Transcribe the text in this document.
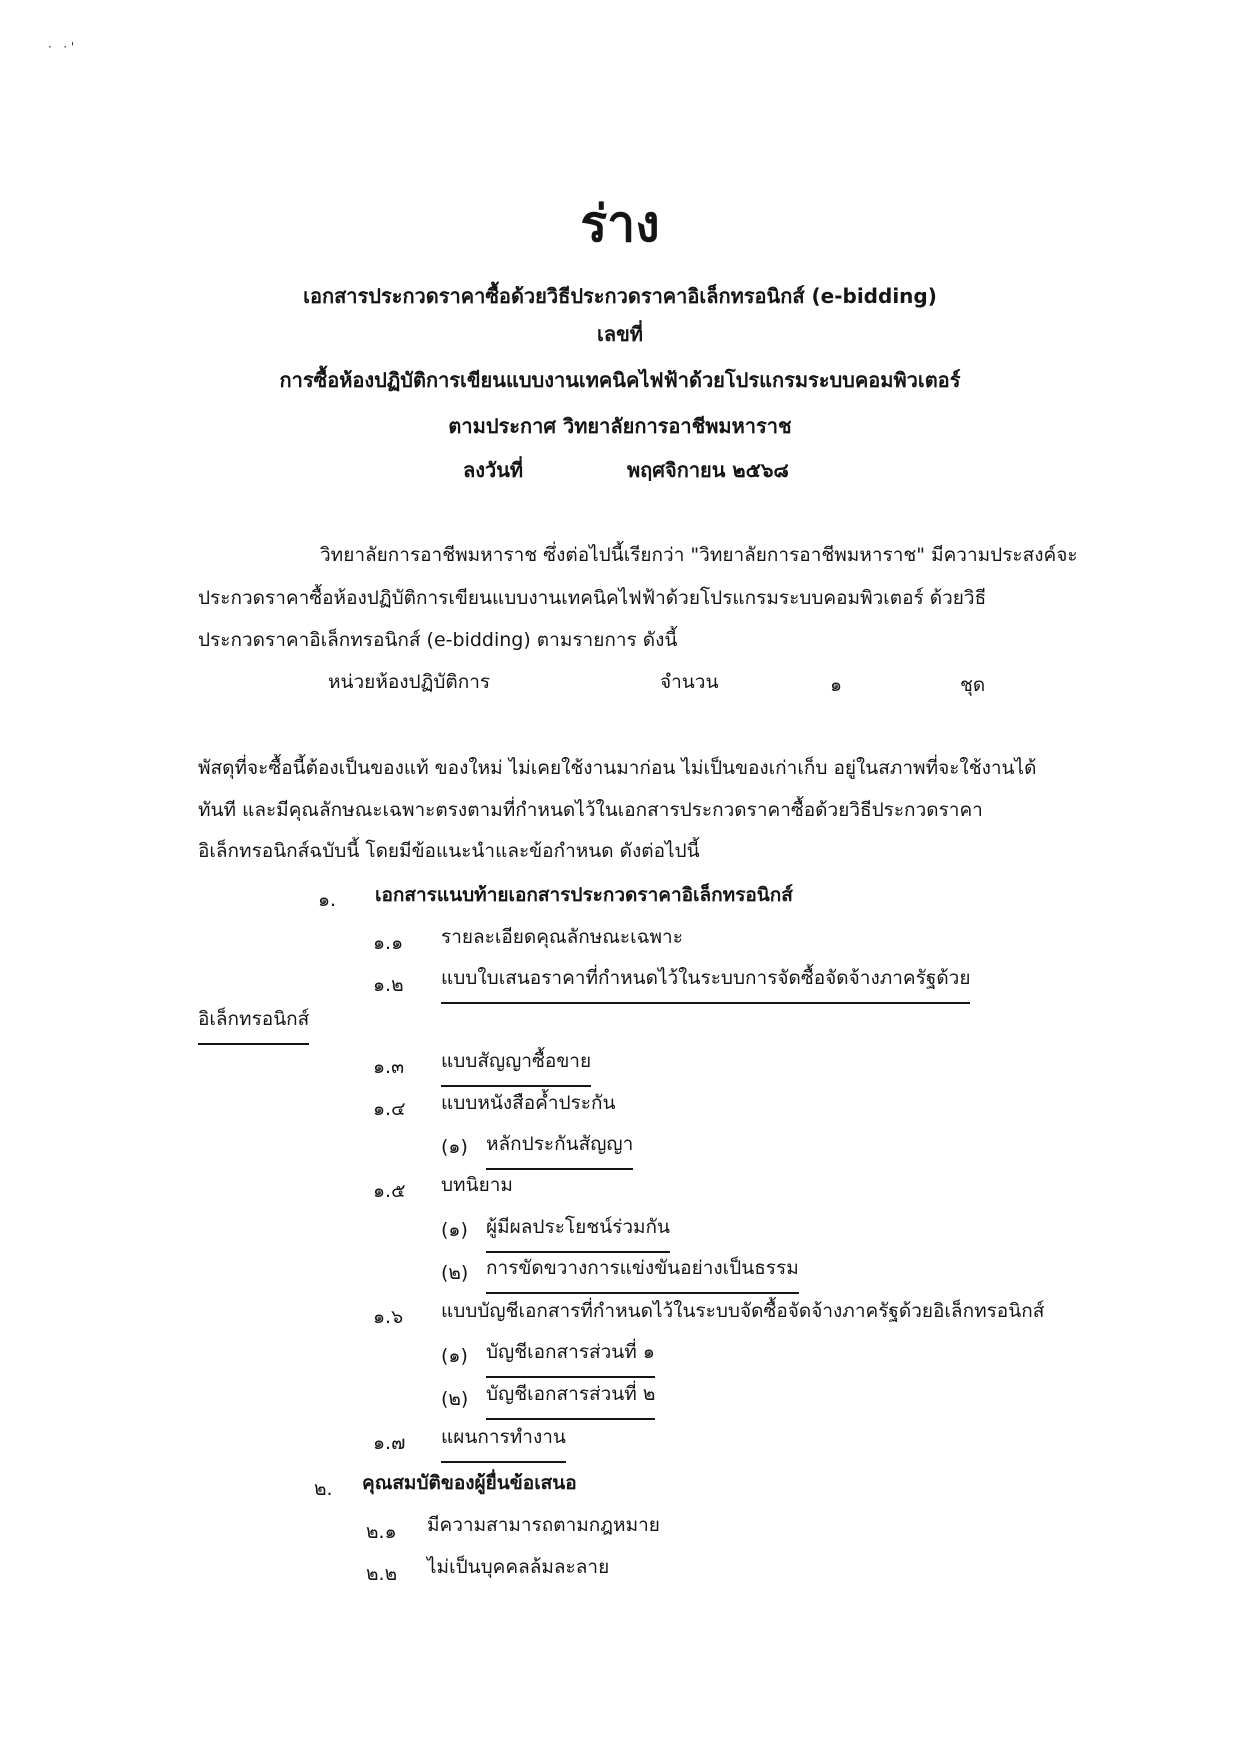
·   · '
ร่าง
เอกสารประกวดราคาซื้อด้วยวิธีประกวดราคาอิเล็กทรอนิกส์ (e-bidding)
เลขที่
การซื้อห้องปฏิบัติการเขียนแบบงานเทคนิคไฟฟ้าด้วยโปรแกรมระบบคอมพิวเตอร์
ตามประกาศ วิทยาลัยการอาชีพมหาราช
ลงวันที่	พฤศจิกายน ๒๕๖๘
วิทยาลัยการอาชีพมหาราช ซึ่งต่อไปนี้เรียกว่า "วิทยาลัยการอาชีพมหาราช" มีความประสงค์จะ
ประกวดราคาซื้อห้องปฏิบัติการเขียนแบบงานเทคนิคไฟฟ้าด้วยโปรแกรมระบบคอมพิวเตอร์ ด้วยวิธี
ประกวดราคาอิเล็กทรอนิกส์ (e-bidding) ตามรายการ ดังนี้
หน่วยห้องปฏิบัติการ	จำนวน	๑	ชุด
พัสดุที่จะซื้อนี้ต้องเป็นของแท้ ของใหม่ ไม่เคยใช้งานมาก่อน ไม่เป็นของเก่าเก็บ อยู่ในสภาพที่จะใช้งานได้
ทันที และมีคุณลักษณะเฉพาะตรงตามที่กำหนดไว้ในเอกสารประกวดราคาซื้อด้วยวิธีประกวดราคา
อิเล็กทรอนิกส์ฉบับนี้ โดยมีข้อแนะนำและข้อกำหนด ดังต่อไปนี้
๑. เอกสารแนบท้ายเอกสารประกวดราคาอิเล็กทรอนิกส์
๑.๑ รายละเอียดคุณลักษณะเฉพาะ
๑.๒ แบบใบเสนอราคาที่กำหนดไว้ในระบบการจัดซื้อจัดจ้างภาครัฐด้วย
อิเล็กทรอนิกส์
๑.๓ แบบสัญญาซื้อขาย
๑.๔ แบบหนังสือค้ำประกัน
(๑) หลักประกันสัญญา
๑.๕ บทนิยาม
(๑) ผู้มีผลประโยชน์ร่วมกัน
(๒) การขัดขวางการแข่งขันอย่างเป็นธรรม
๑.๖ แบบบัญชีเอกสารที่กำหนดไว้ในระบบจัดซื้อจัดจ้างภาครัฐด้วยอิเล็กทรอนิกส์
(๑) บัญชีเอกสารส่วนที่ ๑
(๒) บัญชีเอกสารส่วนที่ ๒
๑.๗ แผนการทำงาน
๒. คุณสมบัติของผู้ยื่นข้อเสนอ
๒.๑ มีความสามารถตามกฎหมาย
๒.๒ ไม่เป็นบุคคลล้มละลาย
